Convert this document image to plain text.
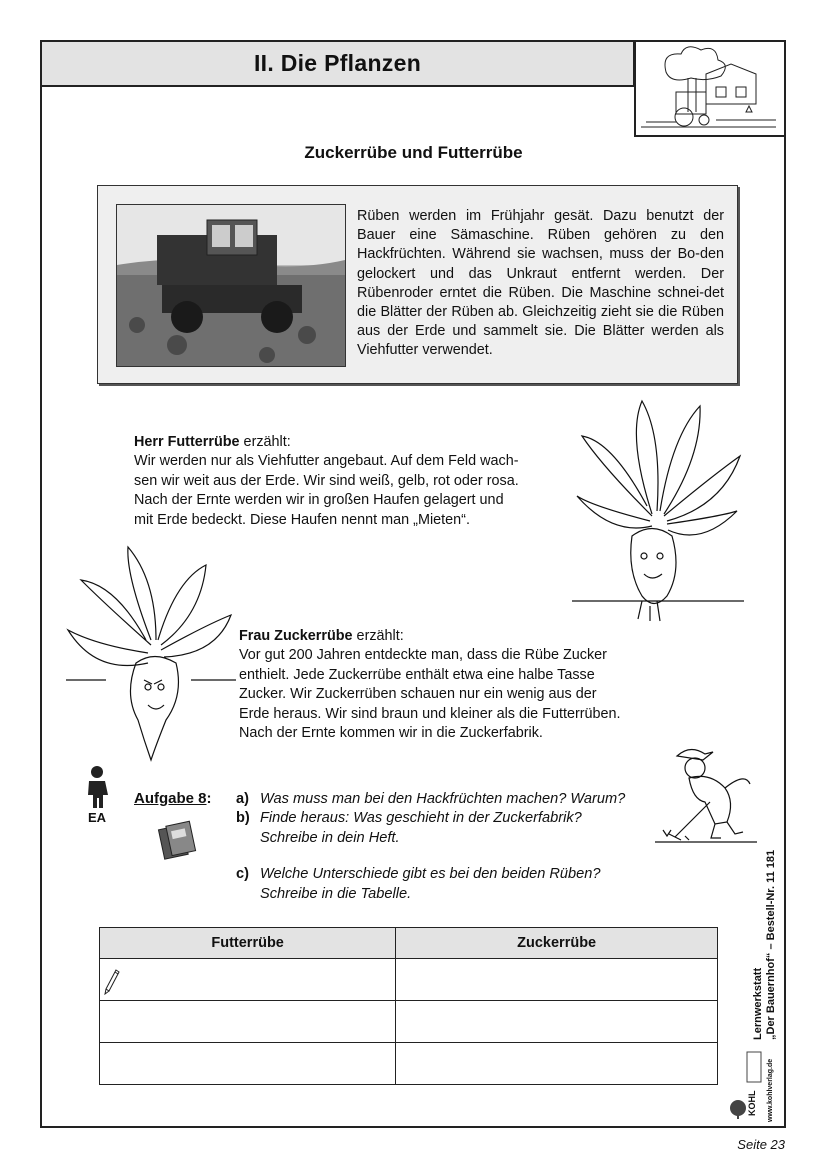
II. Die Pflanzen
Zuckerrübe und Futterrübe
Rüben werden im Frühjahr gesät. Dazu benutzt der Bauer eine Sämaschine. Rüben gehören zu den Hackfrüchten. Während sie wachsen, muss der Bo-den gelockert und das Unkraut entfernt werden. Der Rübenroder erntet die Rüben. Die Maschine schnei-det die Blätter der Rüben ab. Gleichzeitig zieht sie die Rüben aus der Erde und sammelt sie. Die Blätter werden als Viehfutter verwendet.
Herr Futterrübe erzählt:
Wir werden nur als Viehfutter angebaut. Auf dem Feld wach-
sen wir weit aus der Erde. Wir sind weiß, gelb, rot oder rosa.
Nach der Ernte werden wir in großen Haufen gelagert und
mit Erde bedeckt. Diese Haufen nennt man „Mieten“.
Frau Zuckerrübe erzählt:
Vor gut 200 Jahren entdeckte man, dass die Rübe Zucker
enthielt. Jede Zuckerrübe enthält etwa eine halbe Tasse
Zucker. Wir Zuckerrüben schauen nur ein wenig aus der
Erde heraus. Wir sind braun und kleiner als die Futterrüben.
Nach der Ernte kommen wir in die Zuckerfabrik.
EA
Aufgabe 8: a) Was muss man bei den Hackfrüchten machen? Warum?
b) Finde heraus: Was geschieht in der Zuckerfabrik?
Schreibe in dein Heft.
c) Welche Unterschiede gibt es bei den beiden Rüben?
Schreibe in die Tabelle.
Futterrübe	Zuckerrübe

Lernwerkstatt „Der Bauernhof“ – Bestell-Nr. 11 181
KOHL www.kohlverlag.de
Seite 23
